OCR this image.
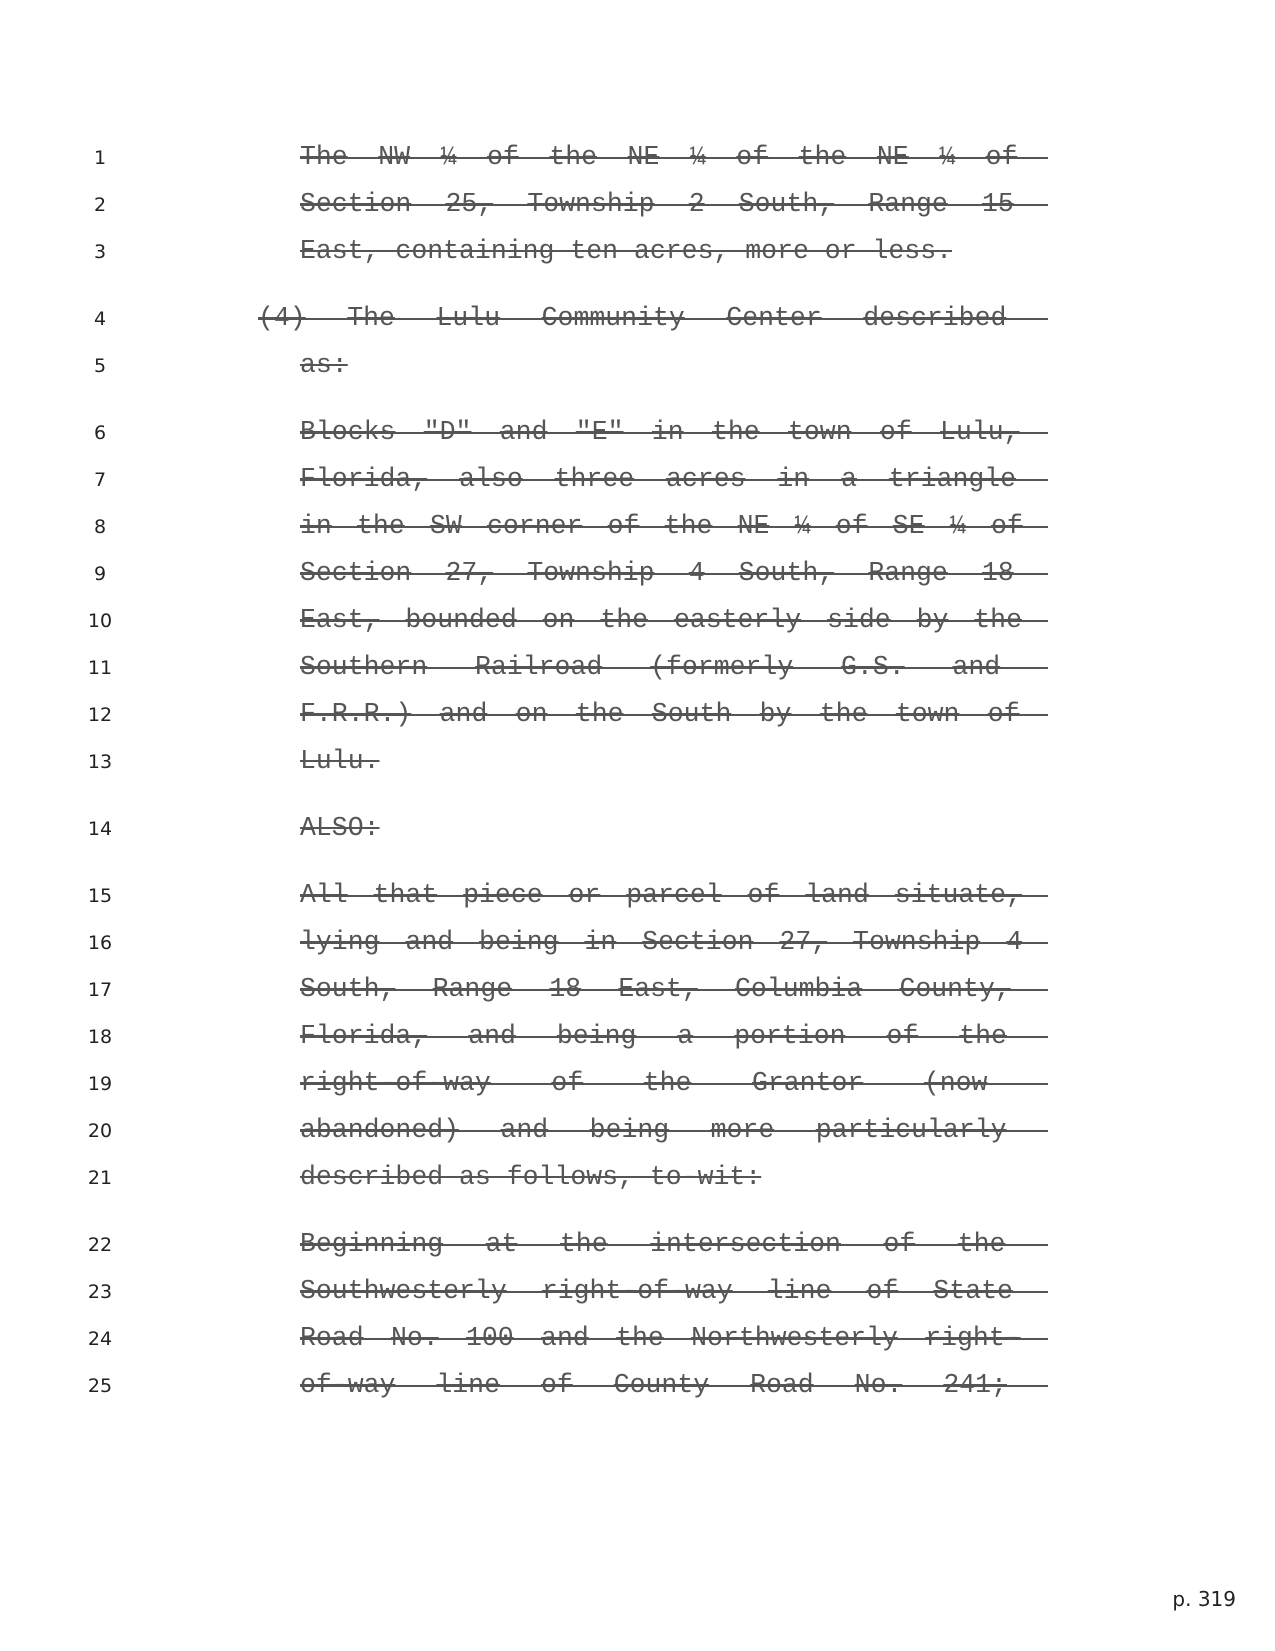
1
2
3
4
5
6
7
8
9
10
11
12
13
14
15
16
17
18
19
20
21
22
23
24
25
The NW ¼ of the NE ¼ of the NE ¼ of
Section 25, Township 2 South, Range 15
East, containing ten acres, more or less.
(4) The Lulu Community Center described
as:
Blocks "D" and "E" in the town of Lulu,
Florida, also three acres in a triangle
in the SW corner of the NE ¼ of SE ¼ of
Section 27, Township 4 South, Range 18
East, bounded on the easterly side by the
Southern Railroad (formerly G.S. and
F.R.R.) and on the South by the town of
Lulu.
ALSO:
All that piece or parcel of land situate,
lying and being in Section 27, Township 4
South, Range 18 East, Columbia County,
Florida, and being a portion of the
right-of-way of the Grantor (now
abandoned) and being more particularly
described as follows, to-wit:
Beginning at the intersection of the
Southwesterly right-of-way line of State
Road No. 100 and the Northwesterly right-
of-way line of County Road No. 241;
p. 319
